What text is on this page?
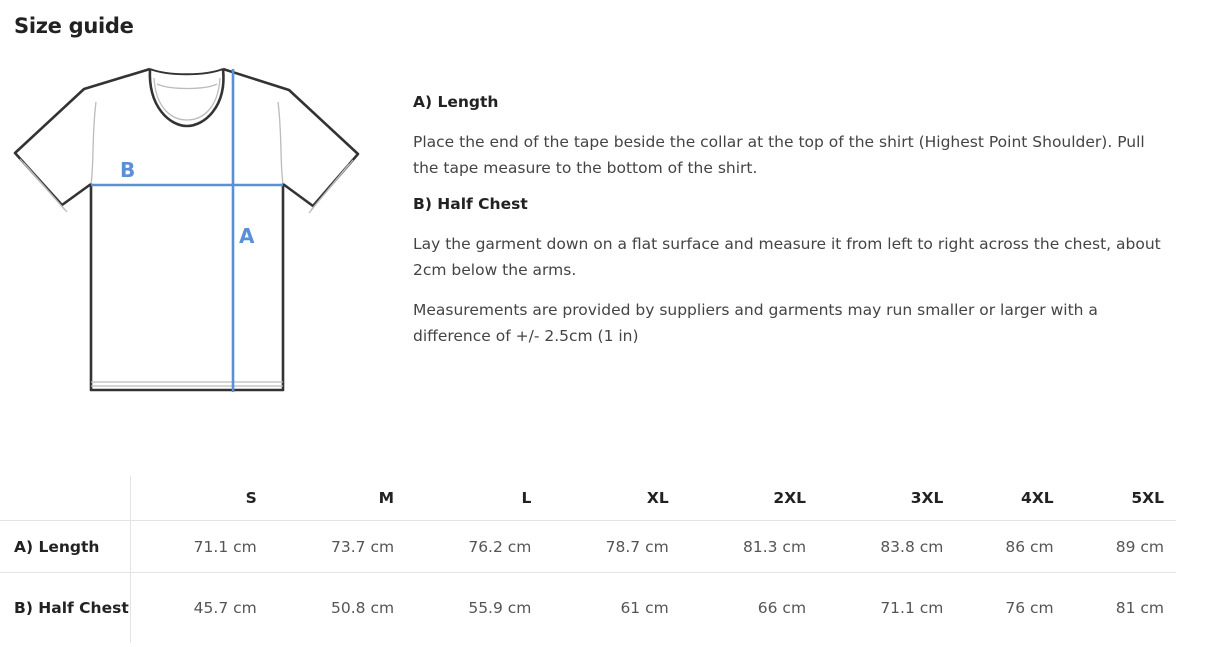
Size guide
B
A
A) Length

Place the end of the tape beside the collar at the top of the shirt (Highest Point Shoulder). Pull the tape measure to the bottom of the shirt.

B) Half Chest

Lay the garment down on a flat surface and measure it from left to right across the chest, about 2cm below the arms.

Measurements are provided by suppliers and garments may run smaller or larger with a difference of +/- 2.5cm (1 in)

	S	M	L	XL	2XL	3XL	4XL	5XL
A) Length	71.1 cm	73.7 cm	76.2 cm	78.7 cm	81.3 cm	83.8 cm	86 cm	89 cm
B) Half Chest	45.7 cm	50.8 cm	55.9 cm	61 cm	66 cm	71.1 cm	76 cm	81 cm
